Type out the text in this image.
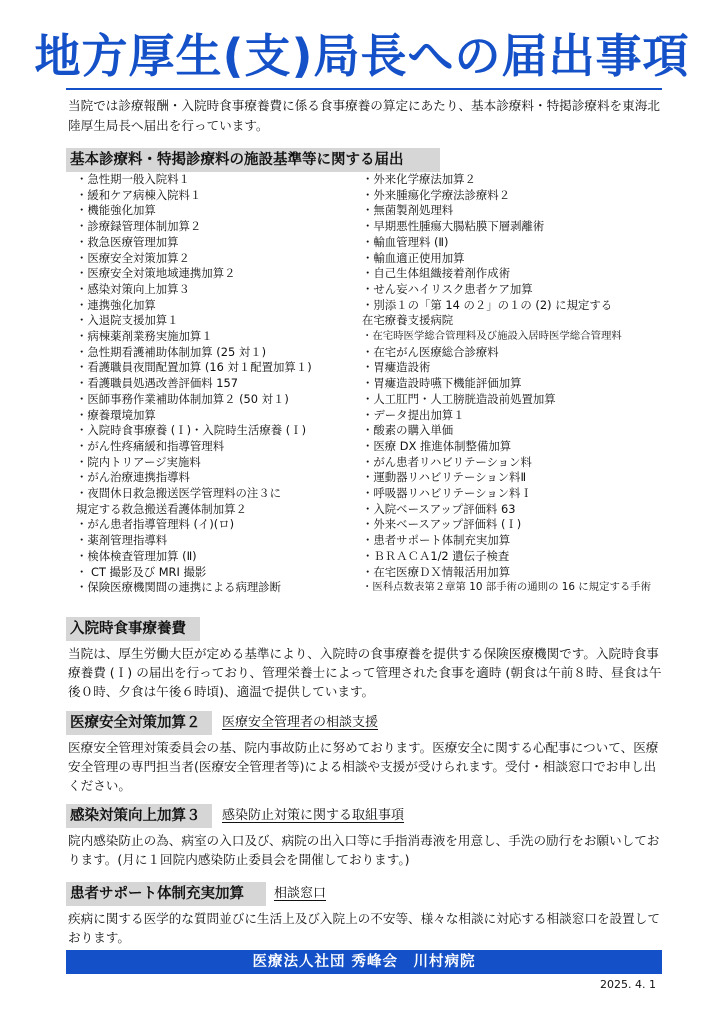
地方厚生(支)局長への届出事項
当院では診療報酬・入院時食事療養費に係る食事療養の算定にあたり、基本診療料・特掲診療料を東海北陸厚生局長へ届出を行っています。
基本診療料・特掲診療料の施設基準等に関する届出
・急性期一般入院料１
・緩和ケア病棟入院料１
・機能強化加算
・診療録管理体制加算２
・救急医療管理加算
・医療安全対策加算２
・医療安全対策地域連携加算２
・感染対策向上加算３
・連携強化加算
・入退院支援加算１
・病棟薬剤業務実施加算１
・急性期看護補助体制加算 (25 対１)
・看護職員夜間配置加算 (16 対１配置加算１)
・看護職員処遇改善評価料 157
・医師事務作業補助体制加算２ (50 対１)
・療養環境加算
・入院時食事療養 (Ｉ)・入院時生活療養 (Ｉ)
・がん性疼痛緩和指導管理料
・院内トリアージ実施料
・がん治療連携指導料
・夜間休日救急搬送医学管理料の注３に
規定する救急搬送看護体制加算２
・がん患者指導管理料 (イ)(ロ)
・薬剤管理指導料
・検体検査管理加算 (Ⅱ)
・ CT 撮影及び MRI 撮影
・保険医療機関間の連携による病理診断
・外来化学療法加算２
・外来腫瘍化学療法診療料２
・無菌製剤処理料
・早期悪性腫瘍大腸粘膜下層剥離術
・輸血管理料 (Ⅱ)
・輸血適正使用加算
・自己生体組織接着剤作成術
・せん妄ハイリスク患者ケア加算
・別添１の「第 14 の２」の１の (2) に規定する
在宅療養支援病院
・在宅時医学総合管理料及び施設入居時医学総合管理料
・在宅がん医療総合診療料
・胃瘻造設術
・胃瘻造設時嚥下機能評価加算
・人工肛門・人工膀胱造設前処置加算
・データ提出加算１
・酸素の購入単価
・医療 DX 推進体制整備加算
・がん患者リハビリテーション料
・運動器リハビリテーション料Ⅱ
・呼吸器リハビリテーション料Ｉ
・入院ベースアップ評価料 63
・外来ベースアップ評価料 (Ｉ)
・患者サポート体制充実加算
・ＢＲＡＣＡ1/2 遺伝子検査
・在宅医療ＤＸ情報活用加算
・医科点数表第２章第 10 部手術の通則の 16 に規定する手術
入院時食事療養費
当院は、厚生労働大臣が定める基準により、入院時の食事療養を提供する保険医療機関です。入院時食事療養費 (Ｉ) の届出を行っており、管理栄養士によって管理された食事を適時 (朝食は午前８時、昼食は午後０時、夕食は午後６時頃)、適温で提供しています。
医療安全対策加算２	医療安全管理者の相談支援
医療安全管理対策委員会の基、院内事故防止に努めております。医療安全に関する心配事について、医療安全管理の専門担当者(医療安全管理者等)による相談や支援が受けられます。受付・相談窓口でお申し出ください。
感染対策向上加算３	感染防止対策に関する取組事項
院内感染防止の為、病室の入口及び、病院の出入口等に手指消毒液を用意し、手洗の励行をお願いしております。(月に１回院内感染防止委員会を開催しております。)
患者サポート体制充実加算	相談窓口
疾病に関する医学的な質問並びに生活上及び入院上の不安等、様々な相談に対応する相談窓口を設置しております。
医療法人社団 秀峰会　川村病院
2025. 4. 1
